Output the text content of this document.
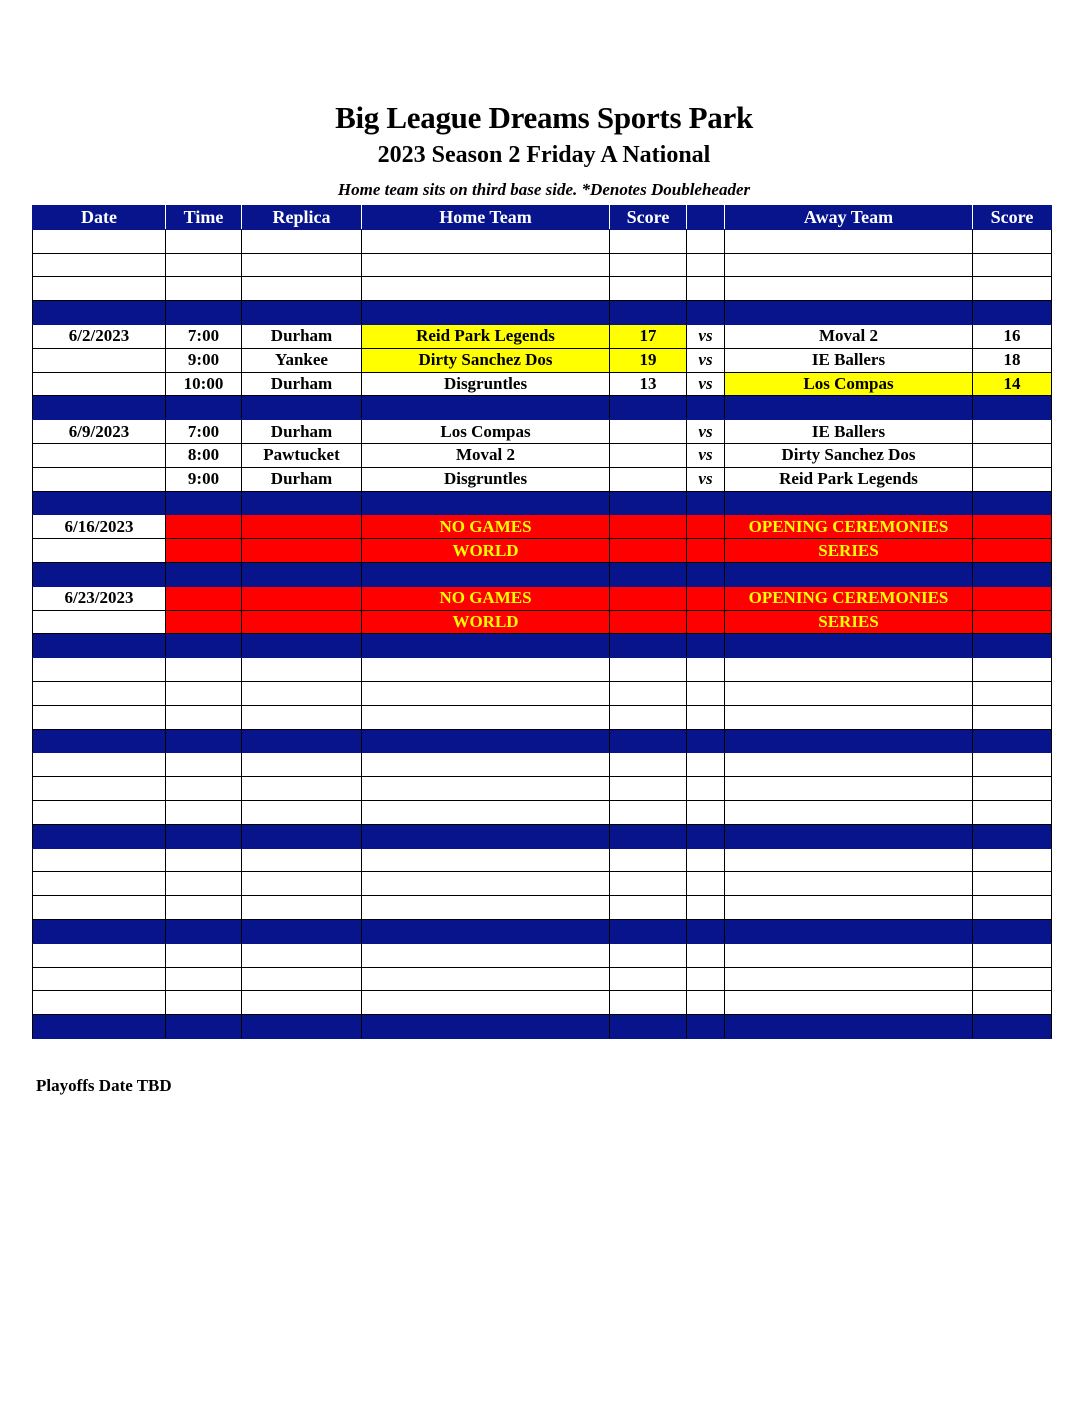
Big League Dreams Sports Park
2023 Season 2 Friday A National
Home team sits on third base side. *Denotes Doubleheader
Date	Time	Replica	Home Team	Score		Away Team	Score

6/2/2023	7:00	Durham	Reid Park Legends	17	vs	Moval 2	16
	9:00	Yankee	Dirty Sanchez Dos	19	vs	IE Ballers	18
	10:00	Durham	Disgruntles	13	vs	Los Compas	14

6/9/2023	7:00	Durham	Los Compas		vs	IE Ballers	
	8:00	Pawtucket	Moval 2		vs	Dirty Sanchez Dos	
	9:00	Durham	Disgruntles		vs	Reid Park Legends	

6/16/2023			NO GAMES			OPENING CEREMONIES	
			WORLD			SERIES	

6/23/2023			NO GAMES			OPENING CEREMONIES	
			WORLD			SERIES	

Playoffs Date TBD
